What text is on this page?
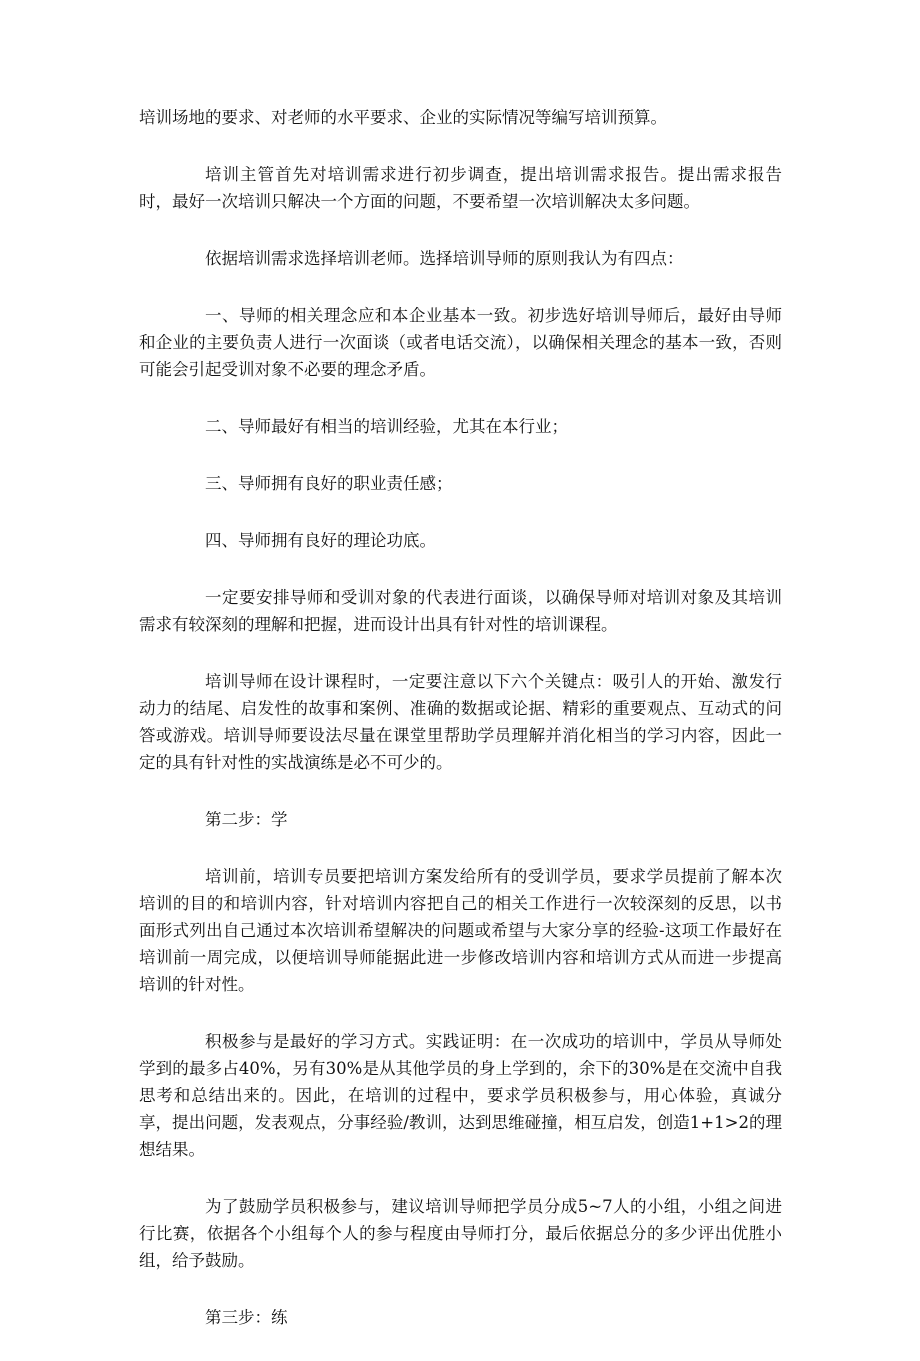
培训场地的要求、对老师的水平要求、企业的实际情况等编写培训预算。

培训主管首先对培训需求进行初步调查，提出培训需求报告。提出需求报告时，最好一次培训只解决一个方面的问题，不要希望一次培训解决太多问题。

依据培训需求选择培训老师。选择培训导师的原则我认为有四点：

一、导师的相关理念应和本企业基本一致。初步选好培训导师后，最好由导师和企业的主要负责人进行一次面谈（或者电话交流），以确保相关理念的基本一致，否则可能会引起受训对象不必要的理念矛盾。

二、导师最好有相当的培训经验，尤其在本行业；

三、导师拥有良好的职业责任感；

四、导师拥有良好的理论功底。

一定要安排导师和受训对象的代表进行面谈，以确保导师对培训对象及其培训需求有较深刻的理解和把握，进而设计出具有针对性的培训课程。

培训导师在设计课程时，一定要注意以下六个关键点：吸引人的开始、激发行动力的结尾、启发性的故事和案例、准确的数据或论据、精彩的重要观点、互动式的问答或游戏。培训导师要设法尽量在课堂里帮助学员理解并消化相当的学习内容，因此一定的具有针对性的实战演练是必不可少的。

第二步：学

培训前，培训专员要把培训方案发给所有的受训学员，要求学员提前了解本次培训的目的和培训内容，针对培训内容把自己的相关工作进行一次较深刻的反思，以书面形式列出自己通过本次培训希望解决的问题或希望与大家分享的经验-这项工作最好在培训前一周完成，以便培训导师能据此进一步修改培训内容和培训方式从而进一步提高培训的针对性。

积极参与是最好的学习方式。实践证明：在一次成功的培训中，学员从导师处学到的最多占40%，另有30%是从其他学员的身上学到的，余下的30%是在交流中自我思考和总结出来的。因此，在培训的过程中，要求学员积极参与，用心体验，真诚分享，提出问题，发表观点，分事经验/教训，达到思维碰撞，相互启发，创造1+1>2的理想结果。

为了鼓励学员积极参与，建议培训导师把学员分成5~7人的小组，小组之间进行比赛，依据各个小组每个人的参与程度由导师打分，最后依据总分的多少评出优胜小组，给予鼓励。

第三步：练
